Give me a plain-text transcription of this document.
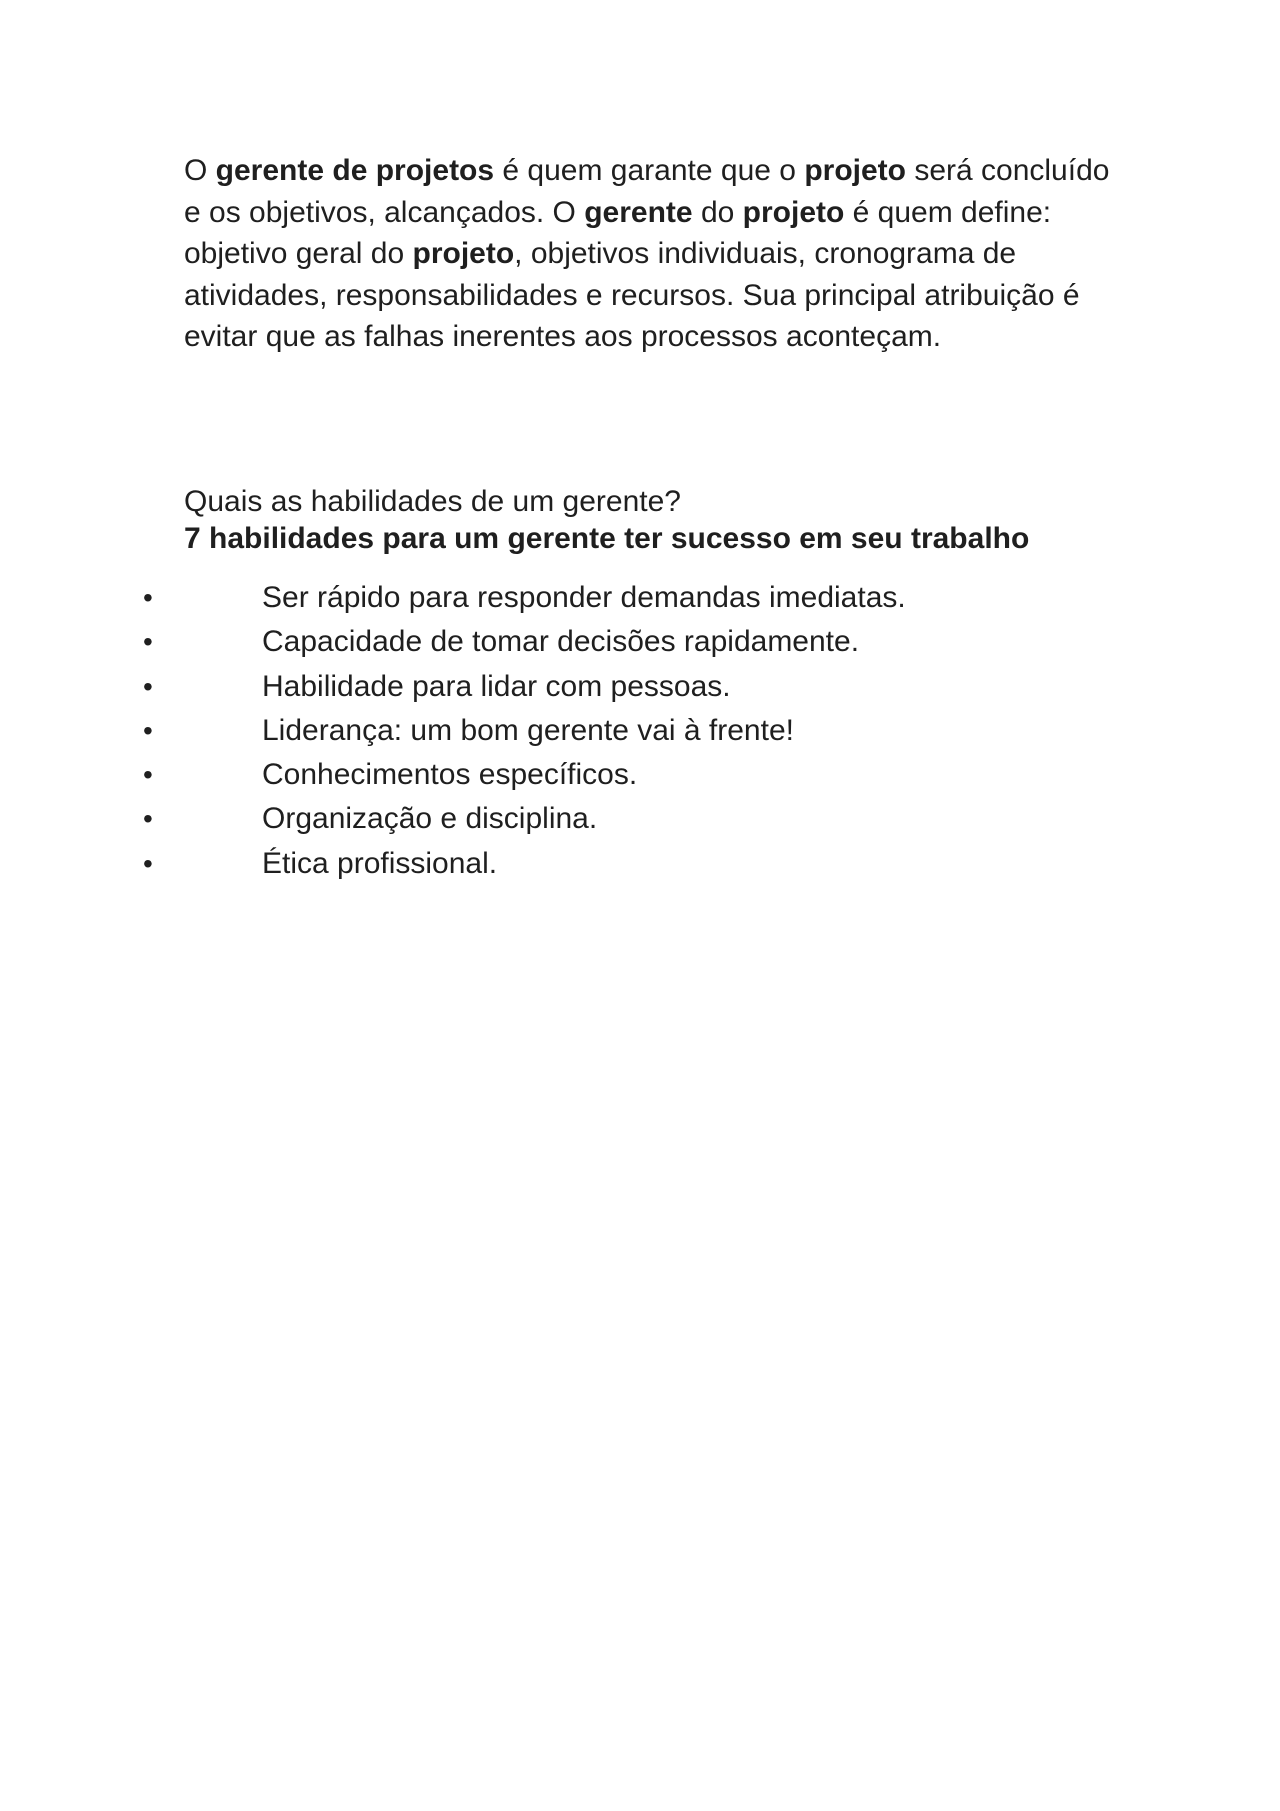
O gerente de projetos é quem garante que o projeto será concluído e os objetivos, alcançados. O gerente do projeto é quem define: objetivo geral do projeto, objetivos individuais, cronograma de atividades, responsabilidades e recursos. Sua principal atribuição é evitar que as falhas inerentes aos processos aconteçam.

Quais as habilidades de um gerente?

7 habilidades para um gerente ter sucesso em seu trabalho
•	Ser rápido para responder demandas imediatas.
•	Capacidade de tomar decisões rapidamente.
•	Habilidade para lidar com pessoas.
•	Liderança: um bom gerente vai à frente!
•	Conhecimentos específicos.
•	Organização e disciplina.
•	Ética profissional.
